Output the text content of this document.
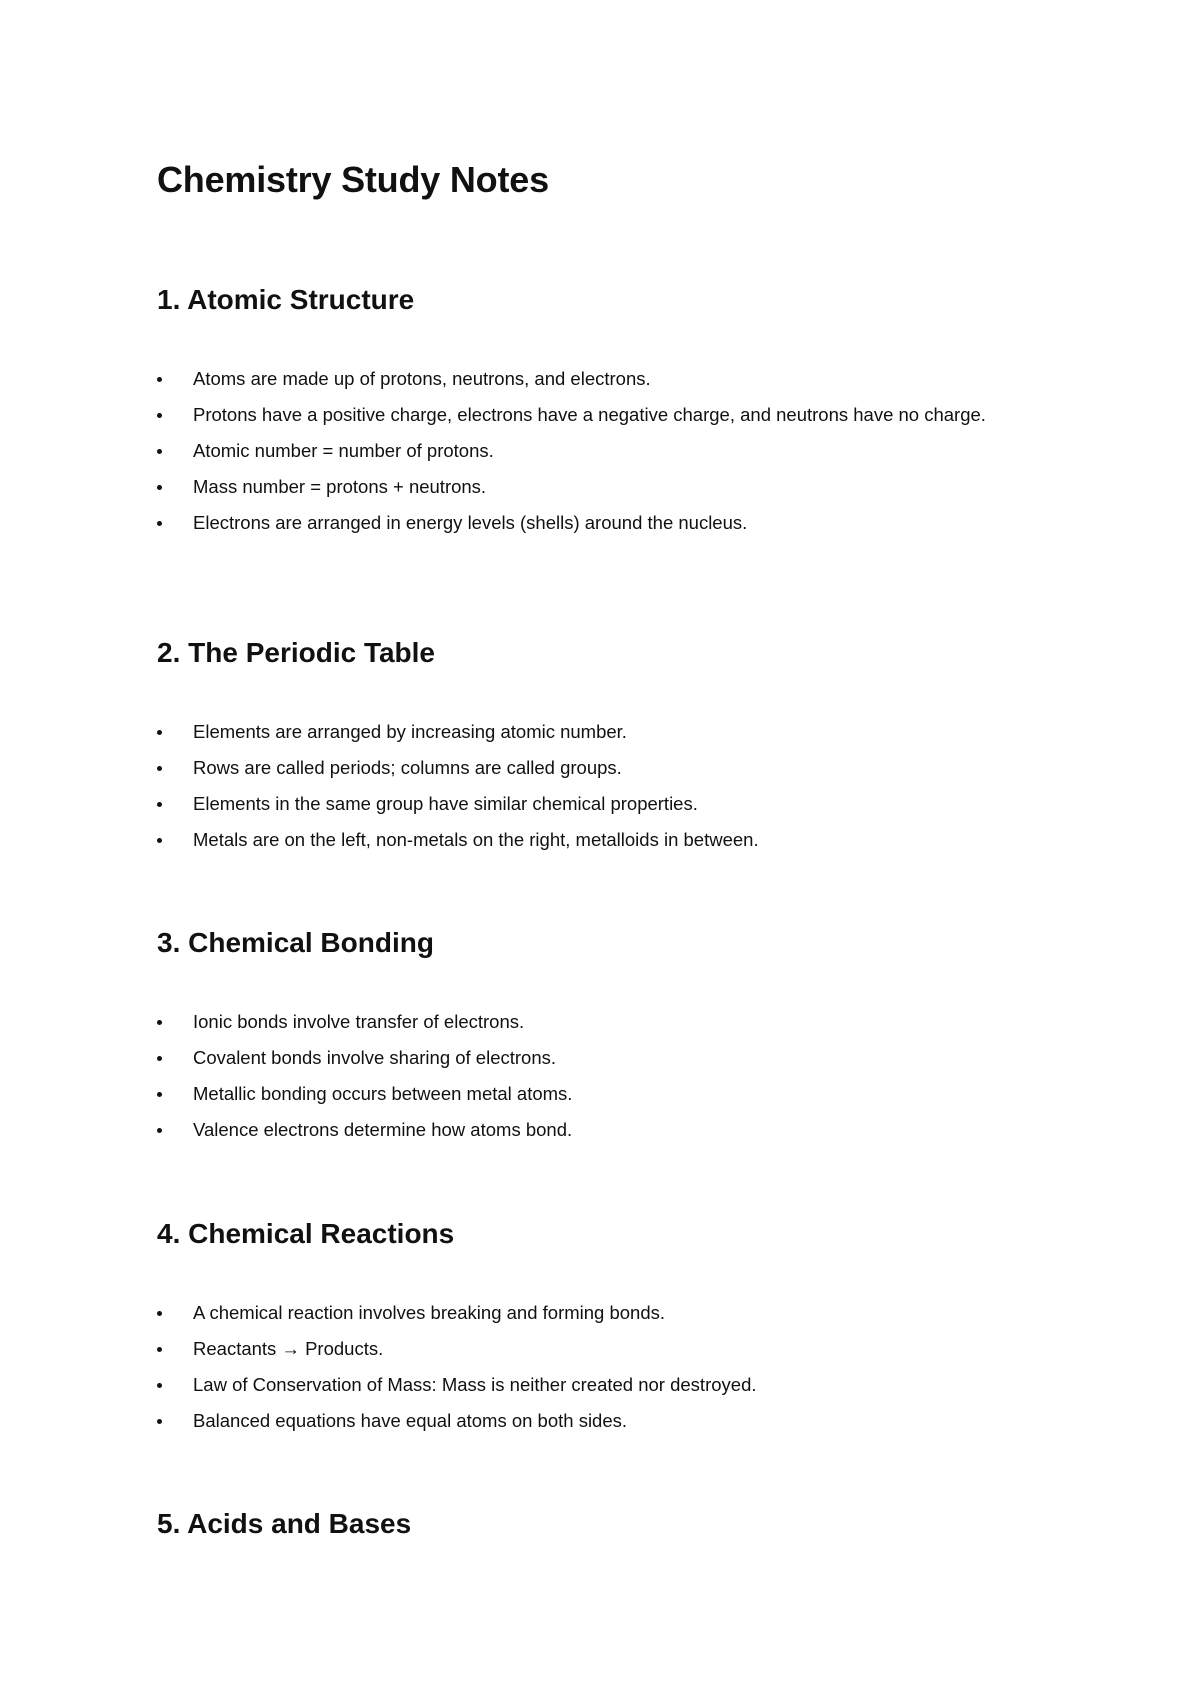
Chemistry Study Notes
1. Atomic Structure
Atoms are made up of protons, neutrons, and electrons.
Protons have a positive charge, electrons have a negative charge, and neutrons have no charge.
Atomic number = number of protons.
Mass number = protons + neutrons.
Electrons are arranged in energy levels (shells) around the nucleus.
2. The Periodic Table
Elements are arranged by increasing atomic number.
Rows are called periods; columns are called groups.
Elements in the same group have similar chemical properties.
Metals are on the left, non-metals on the right, metalloids in between.
3. Chemical Bonding
Ionic bonds involve transfer of electrons.
Covalent bonds involve sharing of electrons.
Metallic bonding occurs between metal atoms.
Valence electrons determine how atoms bond.
4. Chemical Reactions
A chemical reaction involves breaking and forming bonds.
Reactants → Products.
Law of Conservation of Mass: Mass is neither created nor destroyed.
Balanced equations have equal atoms on both sides.
5. Acids and Bases
